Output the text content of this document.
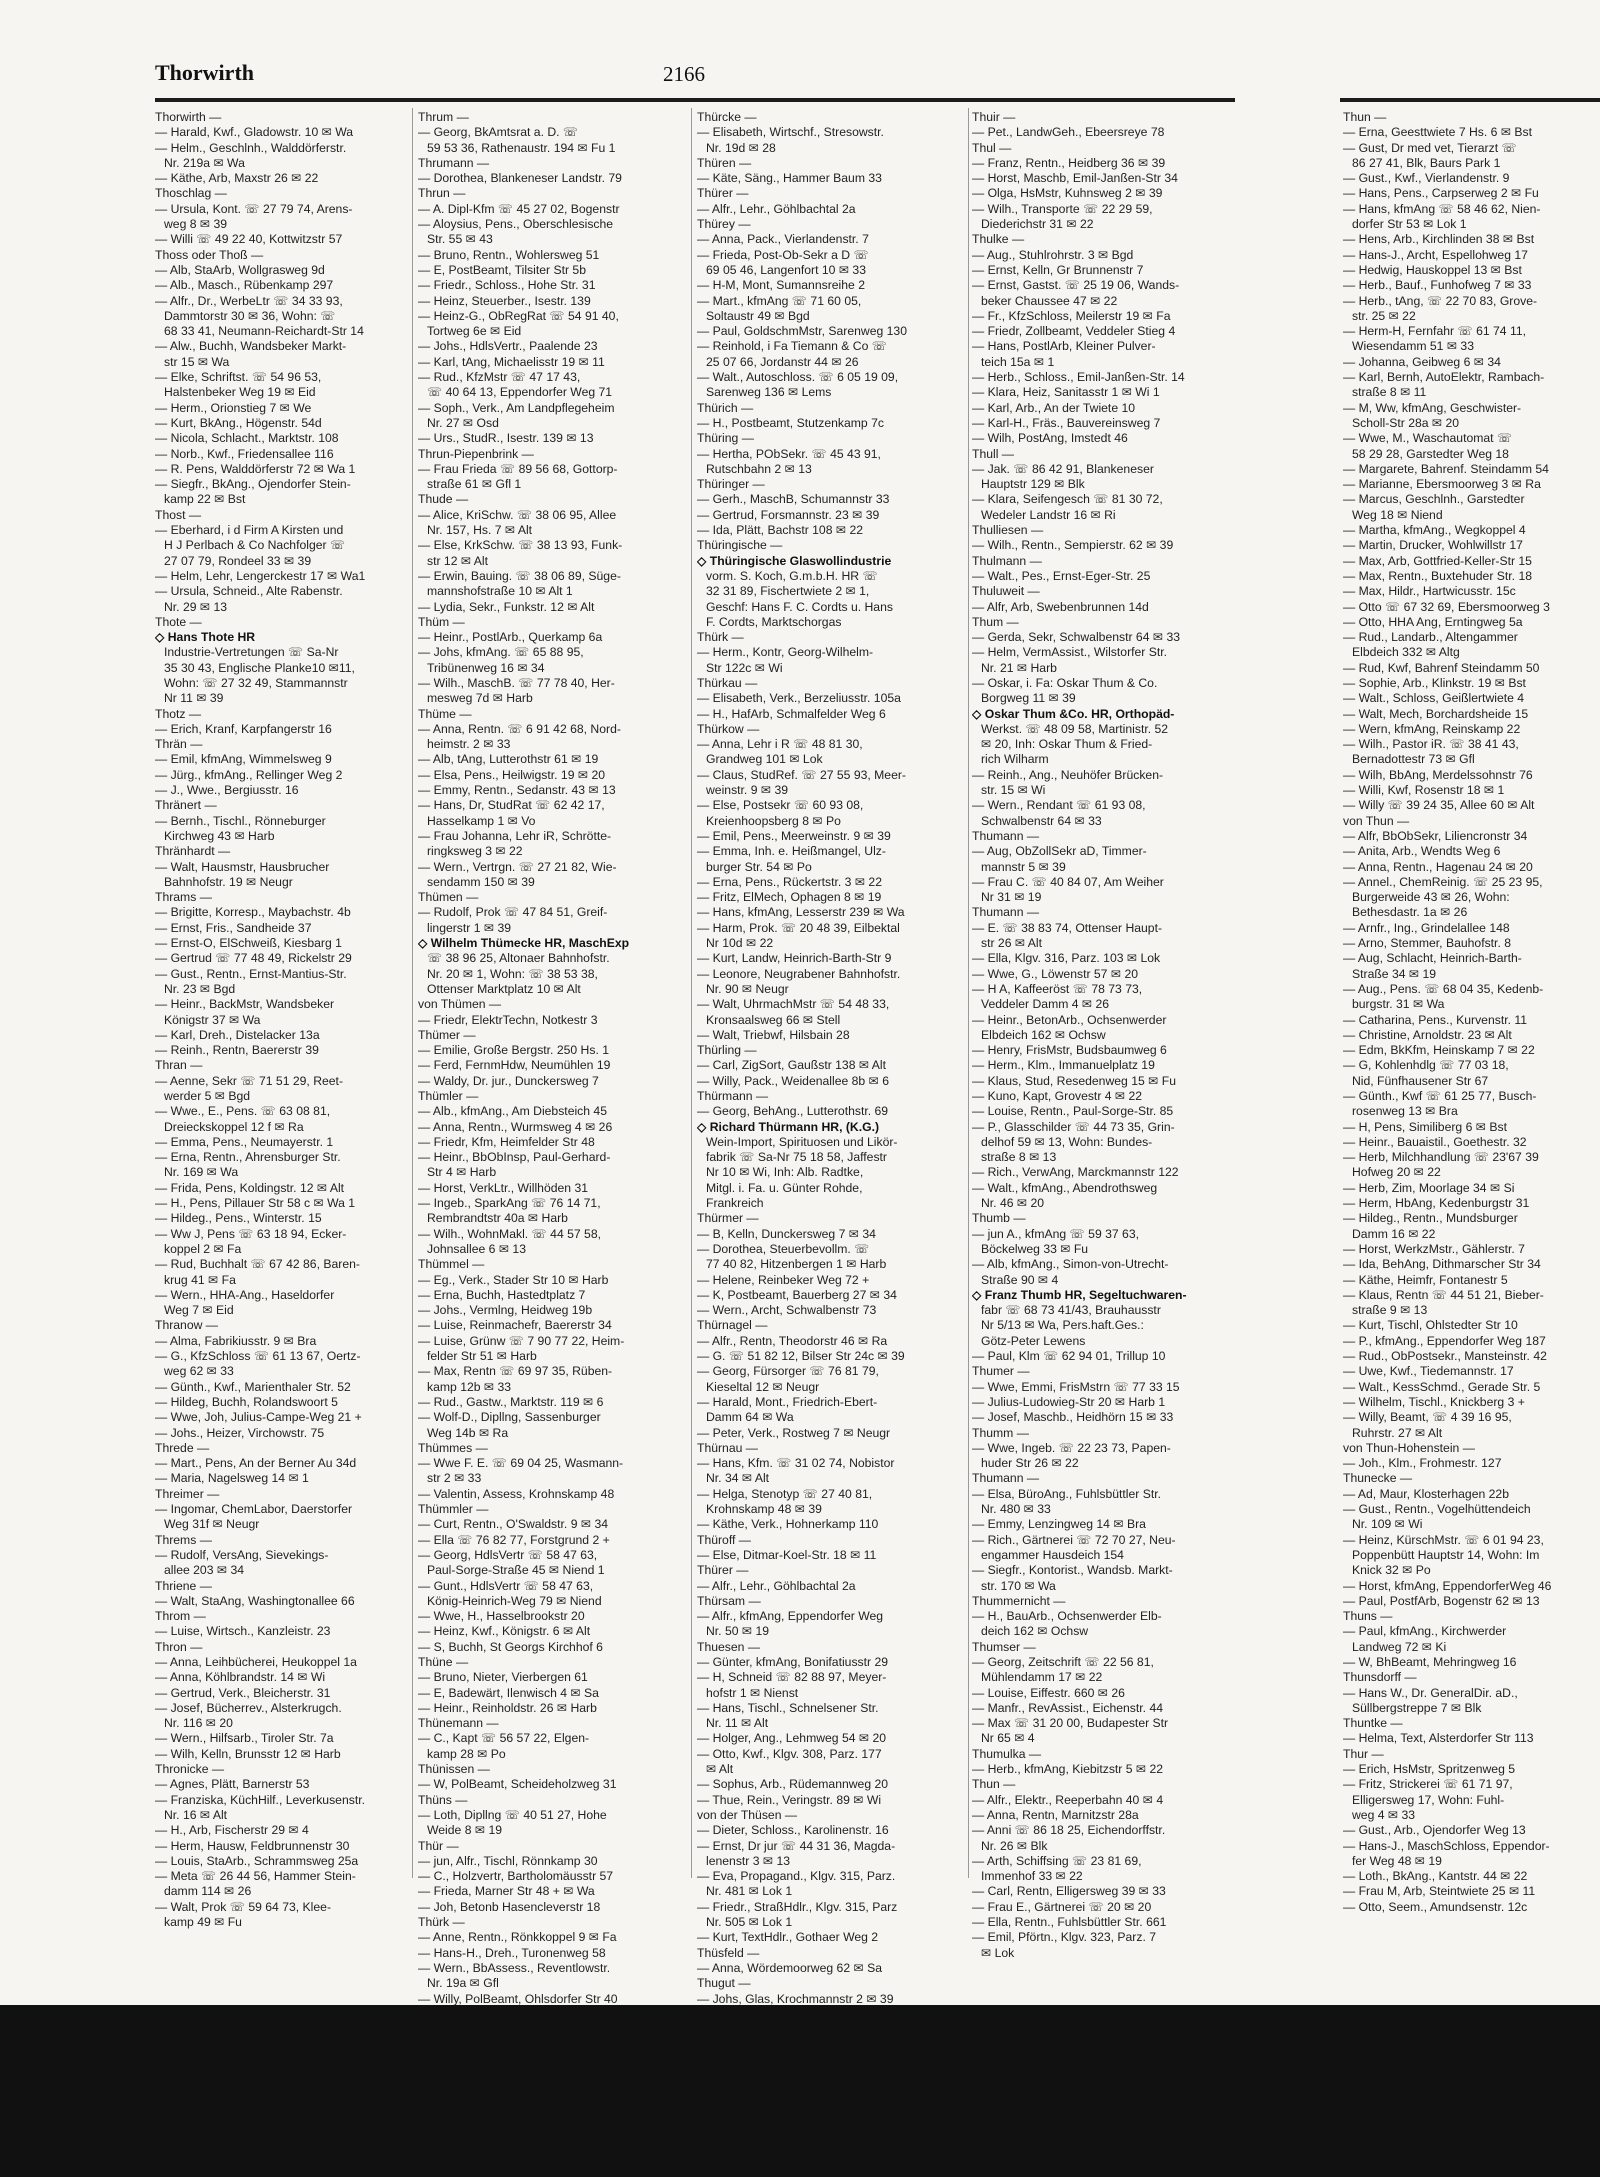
Thorwirth	2166
Thorwirth —
— Harald, Kwf., Gladowstr. 10 ✉ Wa
— Helm., Geschlnh., Walddörferstr.
Nr. 219a ✉ Wa
— Käthe, Arb, Maxstr 26 ✉ 22
Thoschlag —
— Ursula, Kont. ☏ 27 79 74, Arens-
weg 8 ✉ 39
— Willi ☏ 49 22 40, Kottwitzstr 57
Thoss oder Thoß —
— Alb, StaArb, Wollgrasweg 9d
— Alb., Masch., Rübenkamp 297
— Alfr., Dr., WerbeLtr ☏ 34 33 93,
Dammtorstr 30 ✉ 36, Wohn: ☏
68 33 41, Neumann-Reichardt-Str 14
— Alw., Buchh, Wandsbeker Markt-
str 15 ✉ Wa
— Elke, Schriftst. ☏ 54 96 53,
Halstenbeker Weg 19 ✉ Eid
— Herm., Orionstieg 7 ✉ We
— Kurt, BkAng., Högenstr. 54d
— Nicola, Schlacht., Marktstr. 108
— Norb., Kwf., Friedensallee 116
— R. Pens, Walddörferstr 72 ✉ Wa 1
— Siegfr., BkAng., Ojendorfer Stein-
kamp 22 ✉ Bst
Thost —
— Eberhard, i d Firm A Kirsten und
H J Perlbach & Co Nachfolger ☏
27 07 79, Rondeel 33 ✉ 39
— Helm, Lehr, Lengerckestr 17 ✉ Wa1
— Ursula, Schneid., Alte Rabenstr.
Nr. 29 ✉ 13
Thote —
◇ Hans Thote HR
Industrie-Vertretungen ☏ Sa-Nr
35 30 43, Englische Planke10 ✉11,
Wohn: ☏ 27 32 49, Stammannstr
Nr 11 ✉ 39
Thotz —
— Erich, Kranf, Karpfangerstr 16
Thrän —
— Emil, kfmAng, Wimmelsweg 9
— Jürg., kfmAng., Rellinger Weg 2
— J., Wwe., Bergiusstr. 16
Thränert —
— Bernh., Tischl., Rönneburger
Kirchweg 43 ✉ Harb
Thränhardt —
— Walt, Hausmstr, Hausbrucher
Bahnhofstr. 19 ✉ Neugr
Thrams —
— Brigitte, Korresp., Maybachstr. 4b
— Ernst, Fris., Sandheide 37
— Ernst-O, ElSchweiß, Kiesbarg 1
— Gertrud ☏ 77 48 49, Rickelstr 29
— Gust., Rentn., Ernst-Mantius-Str.
Nr. 23 ✉ Bgd
— Heinr., BackMstr, Wandsbeker
Königstr 37 ✉ Wa
— Karl, Dreh., Distelacker 13a
— Reinh., Rentn, Baererstr 39
Thran —
— Aenne, Sekr ☏ 71 51 29, Reet-
werder 5 ✉ Bgd
— Wwe., E., Pens. ☏ 63 08 81,
Dreieckskoppel 12 f ✉ Ra
— Emma, Pens., Neumayerstr. 1
— Erna, Rentn., Ahrensburger Str.
Nr. 169 ✉ Wa
— Frida, Pens, Koldingstr. 12 ✉ Alt
— H., Pens, Pillauer Str 58 c ✉ Wa 1
— Hildeg., Pens., Winterstr. 15
— Ww J, Pens ☏ 63 18 94, Ecker-
koppel 2 ✉ Fa
— Rud, Buchhalt ☏ 67 42 86, Baren-
krug 41 ✉ Fa
— Wern., HHA-Ang., Haseldorfer
Weg 7 ✉ Eid
Thranow —
— Alma, Fabrikiusstr. 9 ✉ Bra
— G., KfzSchloss ☏ 61 13 67, Oertz-
weg 62 ✉ 33
— Günth., Kwf., Marienthaler Str. 52
— Hildeg, Buchh, Rolandswoort 5
— Wwe, Joh, Julius-Campe-Weg 21 +
— Johs., Heizer, Virchowstr. 75
Threde —
— Mart., Pens, An der Berner Au 34d
— Maria, Nagelsweg 14 ✉ 1
Threimer —
— Ingomar, ChemLabor, Daerstorfer
Weg 31f ✉ Neugr
Threms —
— Rudolf, VersAng, Sievekings-
allee 203 ✉ 34
Thriene —
— Walt, StaAng, Washingtonallee 66
Throm —
— Luise, Wirtsch., Kanzleistr. 23
Thron —
— Anna, Leihbücherei, Heukoppel 1a
— Anna, Köhlbrandstr. 14 ✉ Wi
— Gertrud, Verk., Bleicherstr. 31
— Josef, Bücherrev., Alsterkrugch.
Nr. 116 ✉ 20
— Wern., Hilfsarb., Tiroler Str. 7a
— Wilh, Kelln, Brunsstr 12 ✉ Harb
Thronicke —
— Agnes, Plätt, Barnerstr 53
— Franziska, KüchHilf., Leverkusenstr.
Nr. 16 ✉ Alt
— H., Arb, Fischerstr 29 ✉ 4
— Herm, Hausw, Feldbrunnenstr 30
— Louis, StaArb., Schrammsweg 25a
— Meta ☏ 26 44 56, Hammer Stein-
damm 114 ✉ 26
— Walt, Prok ☏ 59 64 73, Klee-
kamp 49 ✉ Fu
Thrum —
— Georg, BkAmtsrat a. D. ☏
59 53 36, Rathenaustr. 194 ✉ Fu 1
Thrumann —
— Dorothea, Blankeneser Landstr. 79
Thrun —
— A. Dipl-Kfm ☏ 45 27 02, Bogenstr
— Aloysius, Pens., Oberschlesische
Str. 55 ✉ 43
— Bruno, Rentn., Wohlersweg 51
— E, PostBeamt, Tilsiter Str 5b
— Friedr., Schloss., Hohe Str. 31
— Heinz, Steuerber., Isestr. 139
— Heinz-G., ObRegRat ☏ 54 91 40,
Tortweg 6e ✉ Eid
— Johs., HdlsVertr., Paalende 23
— Karl, tAng, Michaelisstr 19 ✉ 11
— Rud., KfzMstr ☏ 47 17 43,
☏ 40 64 13, Eppendorfer Weg 71
— Soph., Verk., Am Landpflegeheim
Nr. 27 ✉ Osd
— Urs., StudR., Isestr. 139 ✉ 13
Thrun-Piepenbrink —
— Frau Frieda ☏ 89 56 68, Gottorp-
straße 61 ✉ Gfl 1
Thude —
— Alice, KriSchw. ☏ 38 06 95, Allee
Nr. 157, Hs. 7 ✉ Alt
— Else, KrkSchw. ☏ 38 13 93, Funk-
str 12 ✉ Alt
— Erwin, Bauing. ☏ 38 06 89, Süge-
mannshofstraße 10 ✉ Alt 1
— Lydia, Sekr., Funkstr. 12 ✉ Alt
Thüm —
— Heinr., PostlArb., Querkamp 6a
— Johs, kfmAng. ☏ 65 88 95,
Tribünenweg 16 ✉ 34
— Wilh., MaschB. ☏ 77 78 40, Her-
mesweg 7d ✉ Harb
Thüme —
— Anna, Rentn. ☏ 6 91 42 68, Nord-
heimstr. 2 ✉ 33
— Alb, tAng, Lutterothstr 61 ✉ 19
— Elsa, Pens., Heilwigstr. 19 ✉ 20
— Emmy, Rentn., Sedanstr. 43 ✉ 13
— Hans, Dr, StudRat ☏ 62 42 17,
Hasselkamp 1 ✉ Vo
— Frau Johanna, Lehr iR, Schrötte-
ringksweg 3 ✉ 22
— Wern., Vertrgn. ☏ 27 21 82, Wie-
sendamm 150 ✉ 39
Thümen —
— Rudolf, Prok ☏ 47 84 51, Greif-
lingerstr 1 ✉ 39
◇ Wilhelm Thümecke HR, MaschExp
☏ 38 96 25, Altonaer Bahnhofstr.
Nr. 20 ✉ 1, Wohn: ☏ 38 53 38,
Ottenser Marktplatz 10 ✉ Alt
von Thümen —
— Friedr, ElektrTechn, Notkestr 3
Thümer —
— Emilie, Große Bergstr. 250 Hs. 1
— Ferd, FernmHdw, Neumühlen 19
— Waldy, Dr. jur., Dunckersweg 7
Thümler —
— Alb., kfmAng., Am Diebsteich 45
— Anna, Rentn., Wurmsweg 4 ✉ 26
— Friedr, Kfm, Heimfelder Str 48
— Heinr., BbObInsp, Paul-Gerhard-
Str 4 ✉ Harb
— Horst, VerkLtr., Willhöden 31
— Ingeb., SparkAng ☏ 76 14 71,
Rembrandtstr 40a ✉ Harb
— Wilh., WohnMakl. ☏ 44 57 58,
Johnsallee 6 ✉ 13
Thümmel —
— Eg., Verk., Stader Str 10 ✉ Harb
— Erna, Buchh, Hastedtplatz 7
— Johs., Vermlng, Heidweg 19b
— Luise, Reinmachefr, Baererstr 34
— Luise, Grünw ☏ 7 90 77 22, Heim-
felder Str 51 ✉ Harb
— Max, Rentn ☏ 69 97 35, Rüben-
kamp 12b ✉ 33
— Rud., Gastw., Marktstr. 119 ✉ 6
— Wolf-D., Dipllng, Sassenburger
Weg 14b ✉ Ra
Thümmes —
— Wwe F. E. ☏ 69 04 25, Wasmann-
str 2 ✉ 33
— Valentin, Assess, Krohnskamp 48
Thümmler —
— Curt, Rentn., O'Swaldstr. 9 ✉ 34
— Ella ☏ 76 82 77, Forstgrund 2 +
— Georg, HdlsVertr ☏ 58 47 63,
Paul-Sorge-Straße 45 ✉ Niend 1
— Gunt., HdlsVertr ☏ 58 47 63,
König-Heinrich-Weg 79 ✉ Niend
— Wwe, H., Hasselbrookstr 20
— Heinz, Kwf., Königstr. 6 ✉ Alt
— S, Buchh, St Georgs Kirchhof 6
Thüne —
— Bruno, Nieter, Vierbergen 61
— E, Badewärt, Ilenwisch 4 ✉ Sa
— Heinr., Reinholdstr. 26 ✉ Harb
Thünemann —
— C., Kapt ☏ 56 57 22, Elgen-
kamp 28 ✉ Po
Thünissen —
— W, PolBeamt, Scheideholzweg 31
Thüns —
— Loth, Dipllng ☏ 40 51 27, Hohe
Weide 8 ✉ 19
Thür —
— jun, Alfr., Tischl, Rönnkamp 30
— C., Holzvertr, Bartholomäusstr 57
— Frieda, Marner Str 48 + ✉ Wa
— Joh, Betonb Hasencleverstr 18
Thürk —
— Anne, Rentn., Rönkkoppel 9 ✉ Fa
— Hans-H., Dreh., Turonenweg 58
— Wern., BbAssess., Reventlowstr.
Nr. 19a ✉ Gfl
— Willy, PolBeamt, Ohlsdorfer Str 40
Thürcke —
— Elisabeth, Wirtschf., Stresowstr.
Nr. 19d ✉ 28
Thüren —
— Käte, Säng., Hammer Baum 33
Thürer —
— Alfr., Lehr., Göhlbachtal 2a
Thürey —
— Anna, Pack., Vierlandenstr. 7
— Frieda, Post-Ob-Sekr a D ☏
69 05 46, Langenfort 10 ✉ 33
— H-M, Mont, Sumannsreihe 2
— Mart., kfmAng ☏ 71 60 05,
Soltaustr 49 ✉ Bgd
— Paul, GoldschmMstr, Sarenweg 130
— Reinhold, i Fa Tiemann & Co ☏
25 07 66, Jordanstr 44 ✉ 26
— Walt., Autoschloss. ☏ 6 05 19 09,
Sarenweg 136 ✉ Lems
Thürich —
— H., Postbeamt, Stutzenkamp 7c
Thüring —
— Hertha, PObSekr. ☏ 45 43 91,
Rutschbahn 2 ✉ 13
Thüringer —
— Gerh., MaschB, Schumannstr 33
— Gertrud, Forsmannstr. 23 ✉ 39
— Ida, Plätt, Bachstr 108 ✉ 22
Thüringische —
◇ Thüringische Glaswollindustrie
vorm. S. Koch, G.m.b.H. HR ☏
32 31 89, Fischertwiete 2 ✉ 1,
Geschf: Hans F. C. Cordts u. Hans
F. Cordts, Marktschorgas
Thürk —
— Herm., Kontr, Georg-Wilhelm-
Str 122c ✉ Wi
Thürkau —
— Elisabeth, Verk., Berzeliusstr. 105a
— H., HafArb, Schmalfelder Weg 6
Thürkow —
— Anna, Lehr i R ☏ 48 81 30,
Grandweg 101 ✉ Lok
— Claus, StudRef. ☏ 27 55 93, Meer-
weinstr. 9 ✉ 39
— Else, Postsekr ☏ 60 93 08,
Kreienhoopsberg 8 ✉ Po
— Emil, Pens., Meerweinstr. 9 ✉ 39
— Emma, Inh. e. Heißmangel, Ulz-
burger Str. 54 ✉ Po
— Erna, Pens., Rückertstr. 3 ✉ 22
— Fritz, ElMech, Ophagen 8 ✉ 19
— Hans, kfmAng, Lesserstr 239 ✉ Wa
— Harm, Prok. ☏ 20 48 39, Eilbektal
Nr 10d ✉ 22
— Kurt, Landw, Heinrich-Barth-Str 9
— Leonore, Neugrabener Bahnhofstr.
Nr. 90 ✉ Neugr
— Walt, UhrmachMstr ☏ 54 48 33,
Kronsaalsweg 66 ✉ Stell
— Walt, Triebwf, Hilsbain 28
Thürling —
— Carl, ZigSort, Gaußstr 138 ✉ Alt
— Willy, Pack., Weidenallee 8b ✉ 6
Thürmann —
— Georg, BehAng., Lutterothstr. 69
◇ Richard Thürmann HR, (K.G.)
Wein-Import, Spirituosen und Likör-
fabrik ☏ Sa-Nr 75 18 58, Jaffestr
Nr 10 ✉ Wi, Inh: Alb. Radtke,
Mitgl. i. Fa. u. Günter Rohde,
Frankreich
Thürmer —
— B, Kelln, Dunckersweg 7 ✉ 34
— Dorothea, Steuerbevollm. ☏
77 40 82, Hitzenbergen 1 ✉ Harb
— Helene, Reinbeker Weg 72 +
— K, Postbeamt, Bauerberg 27 ✉ 34
— Wern., Archt, Schwalbenstr 73
Thürnagel —
— Alfr., Rentn, Theodorstr 46 ✉ Ra
— G. ☏ 51 82 12, Bilser Str 24c ✉ 39
— Georg, Fürsorger ☏ 76 81 79,
Kieseltal 12 ✉ Neugr
— Harald, Mont., Friedrich-Ebert-
Damm 64 ✉ Wa
— Peter, Verk., Rostweg 7 ✉ Neugr
Thürnau —
— Hans, Kfm. ☏ 31 02 74, Nobistor
Nr. 34 ✉ Alt
— Helga, Stenotyp ☏ 27 40 81,
Krohnskamp 48 ✉ 39
— Käthe, Verk., Hohnerkamp 110
Thüroff —
— Else, Ditmar-Koel-Str. 18 ✉ 11
Thürer —
— Alfr., Lehr., Göhlbachtal 2a
Thürsam —
— Alfr., kfmAng, Eppendorfer Weg
Nr. 50 ✉ 19
Thuesen —
— Günter, kfmAng, Bonifatiusstr 29
— H, Schneid ☏ 82 88 97, Meyer-
hofstr 1 ✉ Nienst
— Hans, Tischl., Schnelsener Str.
Nr. 11 ✉ Alt
— Holger, Ang., Lehmweg 54 ✉ 20
— Otto, Kwf., Klgv. 308, Parz. 177
✉ Alt
— Sophus, Arb., Rüdemannweg 20
— Thue, Rein., Veringstr. 89 ✉ Wi
von der Thüsen —
— Dieter, Schloss., Karolinenstr. 16
— Ernst, Dr jur ☏ 44 31 36, Magda-
lenenstr 3 ✉ 13
— Eva, Propagand., Klgv. 315, Parz.
Nr. 481 ✉ Lok 1
— Friedr., StraßHdlr., Klgv. 315, Parz
Nr. 505 ✉ Lok 1
— Kurt, TextHdlr., Gothaer Weg 2
Thüsfeld —
— Anna, Wördemoorweg 62 ✉ Sa
Thugut —
— Johs, Glas, Krochmannstr 2 ✉ 39
Thuir —
— Pet., LandwGeh., Ebeersreye 78
Thul —
— Franz, Rentn., Heidberg 36 ✉ 39
— Horst, Maschb, Emil-Janßen-Str 34
— Olga, HsMstr, Kuhnsweg 2 ✉ 39
— Wilh., Transporte ☏ 22 29 59,
Diederichstr 31 ✉ 22
Thulke —
— Aug., Stuhlrohrstr. 3 ✉ Bgd
— Ernst, Kelln, Gr Brunnenstr 7
— Ernst, Gastst. ☏ 25 19 06, Wands-
beker Chaussee 47 ✉ 22
— Fr., KfzSchloss, Meilerstr 19 ✉ Fa
— Friedr, Zollbeamt, Veddeler Stieg 4
— Hans, PostlArb, Kleiner Pulver-
teich 15a ✉ 1
— Herb., Schloss., Emil-Janßen-Str. 14
— Klara, Heiz, Sanitasstr 1 ✉ Wi 1
— Karl, Arb., An der Twiete 10
— Karl-H., Fräs., Bauvereinsweg 7
— Wilh, PostAng, Imstedt 46
Thull —
— Jak. ☏ 86 42 91, Blankeneser
Hauptstr 129 ✉ Blk
— Klara, Seifengesch ☏ 81 30 72,
Wedeler Landstr 16 ✉ Ri
Thulliesen —
— Wilh., Rentn., Sempierstr. 62 ✉ 39
Thulmann —
— Walt., Pes., Ernst-Eger-Str. 25
Thuluweit —
— Alfr, Arb, Swebenbrunnen 14d
Thum —
— Gerda, Sekr, Schwalbenstr 64 ✉ 33
— Helm, VermAssist., Wilstorfer Str.
Nr. 21 ✉ Harb
— Oskar, i. Fa: Oskar Thum & Co.
Borgweg 11 ✉ 39
◇ Oskar Thum &Co. HR, Orthopäd-
Werkst. ☏ 48 09 58, Martinistr. 52
✉ 20, Inh: Oskar Thum & Fried-
rich Wilharm
— Reinh., Ang., Neuhöfer Brücken-
str. 15 ✉ Wi
— Wern., Rendant ☏ 61 93 08,
Schwalbenstr 64 ✉ 33
Thumann —
— Aug, ObZollSekr aD, Timmer-
mannstr 5 ✉ 39
— Frau C. ☏ 40 84 07, Am Weiher
Nr 31 ✉ 19
Thumann —
— E. ☏ 38 83 74, Ottenser Haupt-
str 26 ✉ Alt
— Ella, Klgv. 316, Parz. 103 ✉ Lok
— Wwe, G., Löwenstr 57 ✉ 20
— H A, Kaffeeröst ☏ 78 73 73,
Veddeler Damm 4 ✉ 26
— Heinr., BetonArb., Ochsenwerder
Elbdeich 162 ✉ Ochsw
— Henry, FrisMstr, Budsbaumweg 6
— Herm., Klm., Immanuelplatz 19
— Klaus, Stud, Resedenweg 15 ✉ Fu
— Kuno, Kapt, Grovestr 4 ✉ 22
— Louise, Rentn., Paul-Sorge-Str. 85
— P., Glasschilder ☏ 44 73 35, Grin-
delhof 59 ✉ 13, Wohn: Bundes-
straße 8 ✉ 13
— Rich., VerwAng, Marckmannstr 122
— Walt., kfmAng., Abendrothsweg
Nr. 46 ✉ 20
Thumb —
— jun A., kfmAng ☏ 59 37 63,
Böckelweg 33 ✉ Fu
— Alb, kfmAng., Simon-von-Utrecht-
Straße 90 ✉ 4
◇ Franz Thumb HR, Segeltuchwaren-
fabr ☏ 68 73 41/43, Brauhausstr
Nr 5/13 ✉ Wa, Pers.haft.Ges.:
Götz-Peter Lewens
— Paul, Klm ☏ 62 94 01, Trillup 10
Thumer —
— Wwe, Emmi, FrisMstrn ☏ 77 33 15
— Julius-Ludowieg-Str 20 ✉ Harb 1
— Josef, Maschb., Heidhörn 15 ✉ 33
Thumm —
— Wwe, Ingeb. ☏ 22 23 73, Papen-
huder Str 26 ✉ 22
Thumann —
— Elsa, BüroAng., Fuhlsbüttler Str.
Nr. 480 ✉ 33
— Emmy, Lenzingweg 14 ✉ Bra
— Rich., Gärtnerei ☏ 72 70 27, Neu-
engammer Hausdeich 154
— Siegfr., Kontorist., Wandsb. Markt-
str. 170 ✉ Wa
Thummernicht —
— H., BauArb., Ochsenwerder Elb-
deich 162 ✉ Ochsw
Thumser —
— Georg, Zeitschrift ☏ 22 56 81,
Mühlendamm 17 ✉ 22
— Louise, Eiffestr. 660 ✉ 26
— Manfr., RevAssist., Eichenstr. 44
— Max ☏ 31 20 00, Budapester Str
Nr 65 ✉ 4
Thumulka —
— Herb., kfmAng, Kiebitzstr 5 ✉ 22
Thun —
— Alfr., Elektr., Reeperbahn 40 ✉ 4
— Anna, Rentn, Marnitzstr 28a
— Anni ☏ 86 18 25, Eichendorffstr.
Nr. 26 ✉ Blk
— Arth, Schiffsing ☏ 23 81 69,
Immenhof 33 ✉ 22
— Carl, Rentn, Elligersweg 39 ✉ 33
— Frau E., Gärtnerei ☏ 20 ✉ 20
— Ella, Rentn., Fuhlsbüttler Str. 661
— Emil, Pförtn., Klgv. 323, Parz. 7
✉ Lok
Thun —
— Erna, Geesttwiete 7 Hs. 6 ✉ Bst
— Gust, Dr med vet, Tierarzt ☏
86 27 41, Blk, Baurs Park 1
— Gust., Kwf., Vierlandenstr. 9
— Hans, Pens., Carpserweg 2 ✉ Fu
— Hans, kfmAng ☏ 58 46 62, Nien-
dorfer Str 53 ✉ Lok 1
— Hens, Arb., Kirchlinden 38 ✉ Bst
— Hans-J., Archt, Espellohweg 17
— Hedwig, Hauskoppel 13 ✉ Bst
— Herb., Bauf., Funhofweg 7 ✉ 33
— Herb., tAng, ☏ 22 70 83, Grove-
str. 25 ✉ 22
— Herm-H, Fernfahr ☏ 61 74 11,
Wiesendamm 51 ✉ 33
— Johanna, Geibweg 6 ✉ 34
— Karl, Bernh, AutoElektr, Rambach-
straße 8 ✉ 11
— M, Ww, kfmAng, Geschwister-
Scholl-Str 28a ✉ 20
— Wwe, M., Waschautomat ☏
58 29 28, Garstedter Weg 18
— Margarete, Bahrenf. Steindamm 54
— Marianne, Ebersmoorweg 3 ✉ Ra
— Marcus, Geschlnh., Garstedter
Weg 18 ✉ Niend
— Martha, kfmAng., Wegkoppel 4
— Martin, Drucker, Wohlwillstr 17
— Max, Arb, Gottfried-Keller-Str 15
— Max, Rentn., Buxtehuder Str. 18
— Max, Hildr., Hartwicusstr. 15c
— Otto ☏ 67 32 69, Ebersmoorweg 3
— Otto, HHA Ang, Erntingweg 5a
— Rud., Landarb., Altengammer
Elbdeich 332 ✉ Altg
— Rud, Kwf, Bahrenf Steindamm 50
— Sophie, Arb., Klinkstr. 19 ✉ Bst
— Walt., Schloss, Geißlertwiete 4
— Walt, Mech, Borchardsheide 15
— Wern, kfmAng, Reinskamp 22
— Wilh., Pastor iR. ☏ 38 41 43,
Bernadottestr 73 ✉ Gfl
— Wilh, BbAng, Merdelssohnstr 76
— Willi, Kwf, Rosenstr 18 ✉ 1
— Willy ☏ 39 24 35, Allee 60 ✉ Alt
von Thun —
— Alfr, BbObSekr, Liliencronstr 34
— Anita, Arb., Wendts Weg 6
— Anna, Rentn., Hagenau 24 ✉ 20
— Annel., ChemReinig. ☏ 25 23 95,
Burgerweide 43 ✉ 26, Wohn:
Bethesdastr. 1a ✉ 26
— Arnfr., Ing., Grindelallee 148
— Arno, Stemmer, Bauhofstr. 8
— Aug, Schlacht, Heinrich-Barth-
Straße 34 ✉ 19
— Aug., Pens. ☏ 68 04 35, Kedenb-
burgstr. 31 ✉ Wa
— Catharina, Pens., Kurvenstr. 11
— Christine, Arnoldstr. 23 ✉ Alt
— Edm, BkKfm, Heinskamp 7 ✉ 22
— G, Kohlenhdlg ☏ 77 03 18,
Nid, Fünfhausener Str 67
— Günth., Kwf ☏ 61 25 77, Busch-
rosenweg 13 ✉ Bra
— H, Pens, Similiberg 6 ✉ Bst
— Heinr., Bauaistil., Goethestr. 32
— Herb, Milchhandlung ☏ 23'67 39
Hofweg 20 ✉ 22
— Herb, Zim, Moorlage 34 ✉ Si
— Herm, HbAng, Kedenburgstr 31
— Hildeg., Rentn., Mundsburger
Damm 16 ✉ 22
— Horst, WerkzMstr., Gählerstr. 7
— Ida, BehAng, Dithmarscher Str 34
— Käthe, Heimfr, Fontanestr 5
— Klaus, Rentn ☏ 44 51 21, Bieber-
straße 9 ✉ 13
— Kurt, Tischl, Ohlstedter Str 10
— P., kfmAng., Eppendorfer Weg 187
— Rud., ObPostsekr., Mansteinstr. 42
— Uwe, Kwf., Tiedemannstr. 17
— Walt., KessSchmd., Gerade Str. 5
— Wilhelm, Tischl., Knickberg 3 +
— Willy, Beamt, ☏ 4 39 16 95,
Ruhrstr. 27 ✉ Alt
von Thun-Hohenstein —
— Joh., Klm., Frohmestr. 127
Thunecke —
— Ad, Maur, Klosterhagen 22b
— Gust., Rentn., Vogelhüttendeich
Nr. 109 ✉ Wi
— Heinz, KürschMstr. ☏ 6 01 94 23,
Poppenbütt Hauptstr 14, Wohn: Im
Knick 32 ✉ Po
— Horst, kfmAng, EppendorferWeg 46
— Paul, PostfArb, Bogenstr 62 ✉ 13
Thuns —
— Paul, kfmAng., Kirchwerder
Landweg 72 ✉ Ki
— W, BhBeamt, Mehringweg 16
Thunsdorff —
— Hans W., Dr. GeneralDir. aD.,
Süllbergstreppe 7 ✉ Blk
Thuntke —
— Helma, Text, Alsterdorfer Str 113
Thur —
— Erich, HsMstr, Spritzenweg 5
— Fritz, Strickerei ☏ 61 71 97,
Elligersweg 17, Wohn: Fuhl-
weg 4 ✉ 33
— Gust., Arb., Ojendorfer Weg 13
— Hans-J., MaschSchloss, Eppendor-
fer Weg 48 ✉ 19
— Loth., BkAng., Kantstr. 44 ✉ 22
— Frau M, Arb, Steintwiete 25 ✉ 11
— Otto, Seem., Amundsenstr. 12c
